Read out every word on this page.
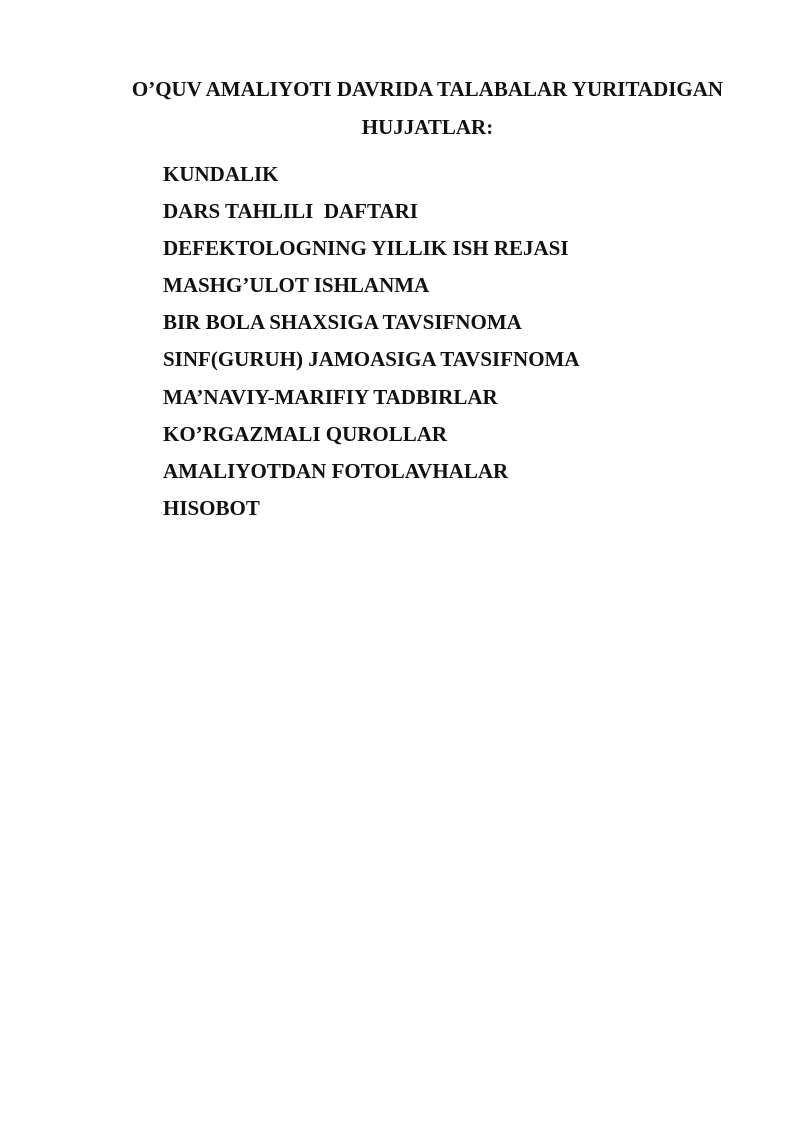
O’QUV AMALIYOTI DAVRIDA TALABALAR YURITADIGAN
HUJJATLAR:

KUNDALIK

DARS TAHLILI  DAFTARI

DEFEKTOLOGNING YILLIK ISH REJASI

MASHG’ULOT ISHLANMA

BIR BOLA SHAXSIGA TAVSIFNOMA

SINF(GURUH) JAMOASIGA TAVSIFNOMA

MA’NAVIY-MARIFIY TADBIRLAR

KO’RGAZMALI QUROLLAR

AMALIYOTDAN FOTOLAVHALAR

HISOBOT
